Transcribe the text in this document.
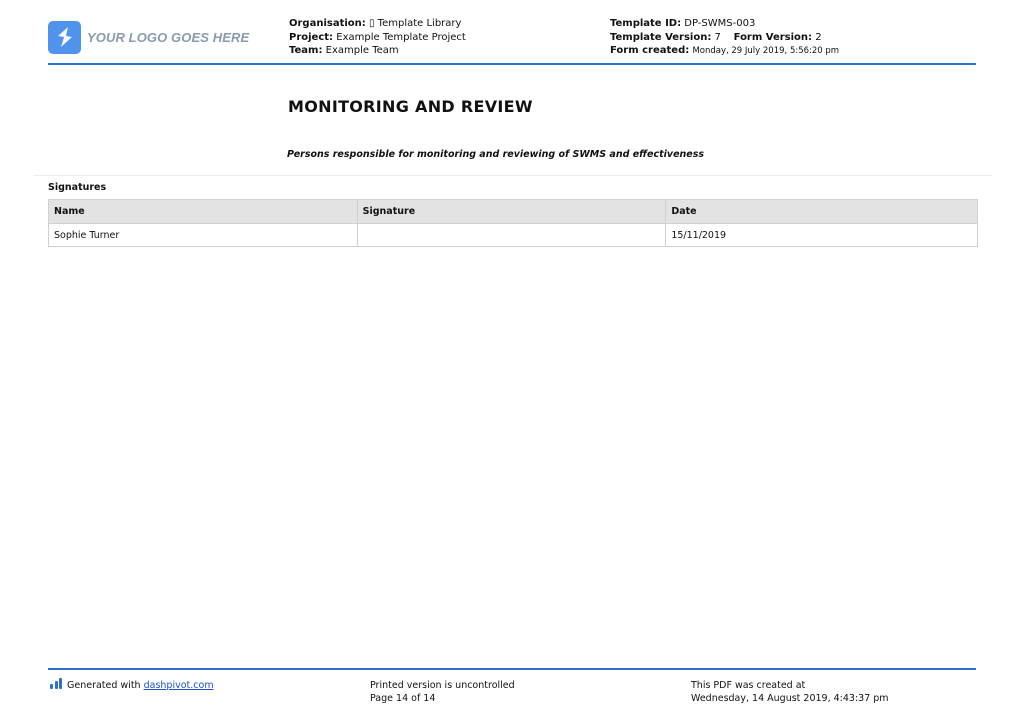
YOUR LOGO GOES HERE
Organisation: ▯ Template Library
Project: Example Template Project
Team: Example Team
Template ID: DP-SWMS-003
Template Version: 7 Form Version: 2
Form created: Monday, 29 July 2019, 5:56:20 pm
MONITORING AND REVIEW
Persons responsible for monitoring and reviewing of SWMS and effectiveness
Signatures
Name	Signature	Date
Sophie Turner		15/11/2019
Generated with dashpivot.com	Printed version is uncontrolled
Page 14 of 14
This PDF was created at
Wednesday, 14 August 2019, 4:43:37 pm
